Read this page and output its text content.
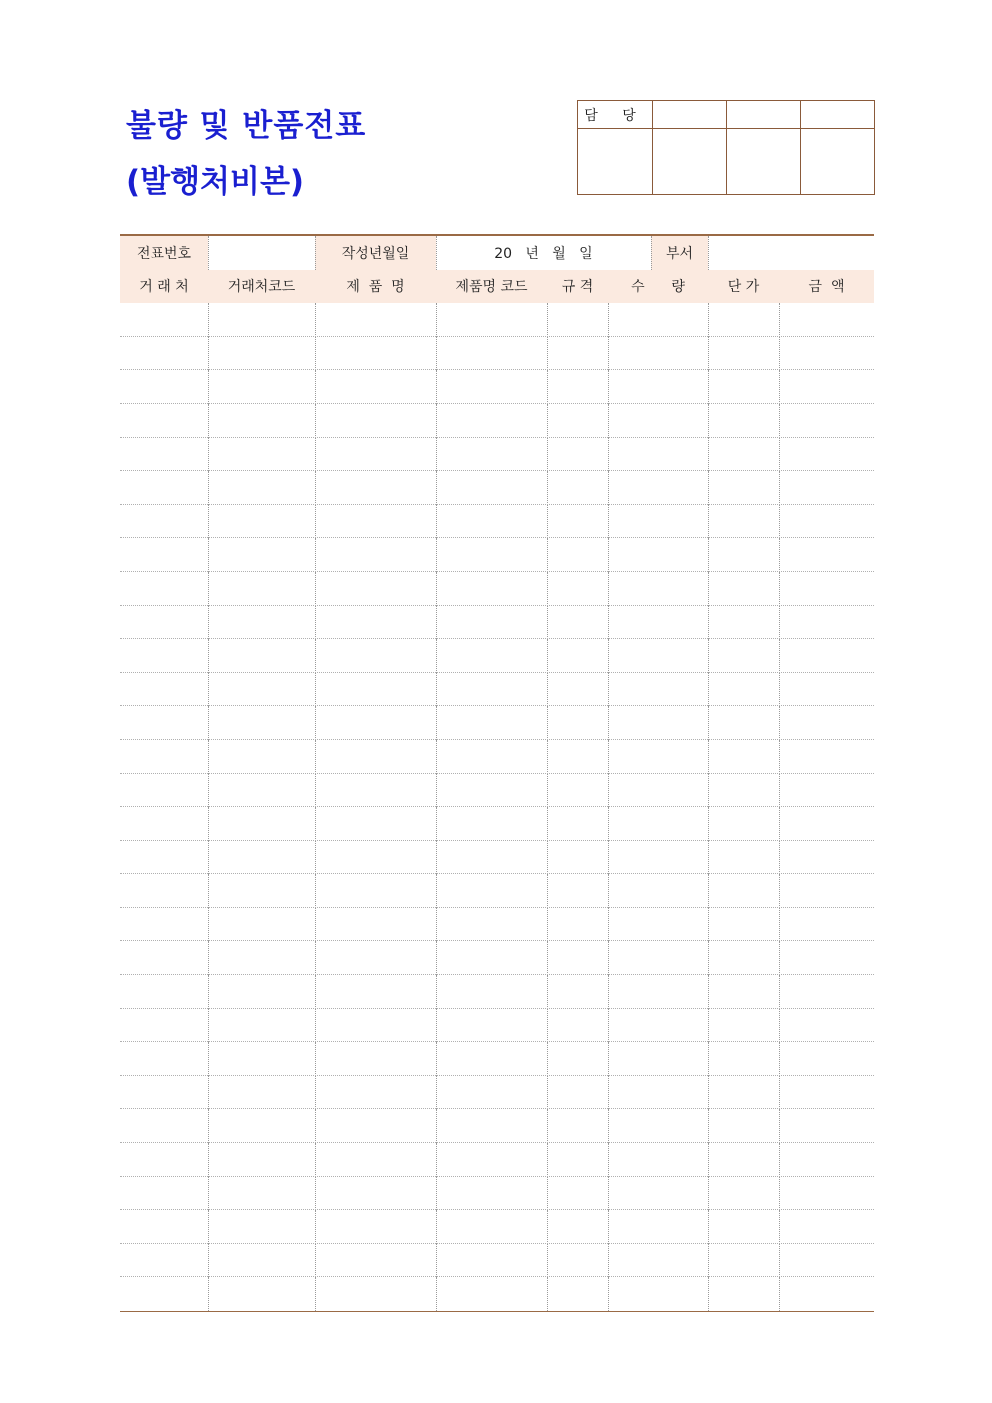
불량 및 반품전표
(발행처비본)
담 당			

전표번호	작성년월일	20   년   월   일	부서
거 래 처	거래처코드	제  품  명	제품명 코드	규 격	수      량	단 가	금  액
